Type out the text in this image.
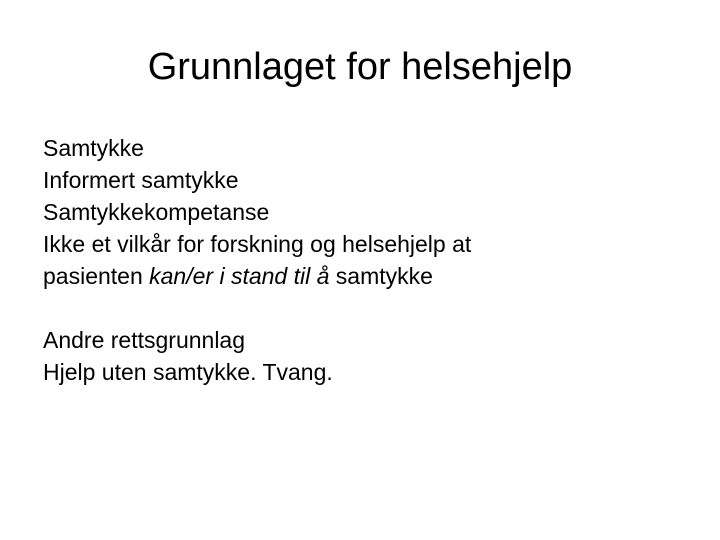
Grunnlaget for helsehjelp
Samtykke
Informert samtykke
Samtykkekompetanse
Ikke et vilkår for forskning og helsehjelp at
pasienten kan/er i stand til å samtykke
Andre rettsgrunnlag
Hjelp uten samtykke. Tvang.
